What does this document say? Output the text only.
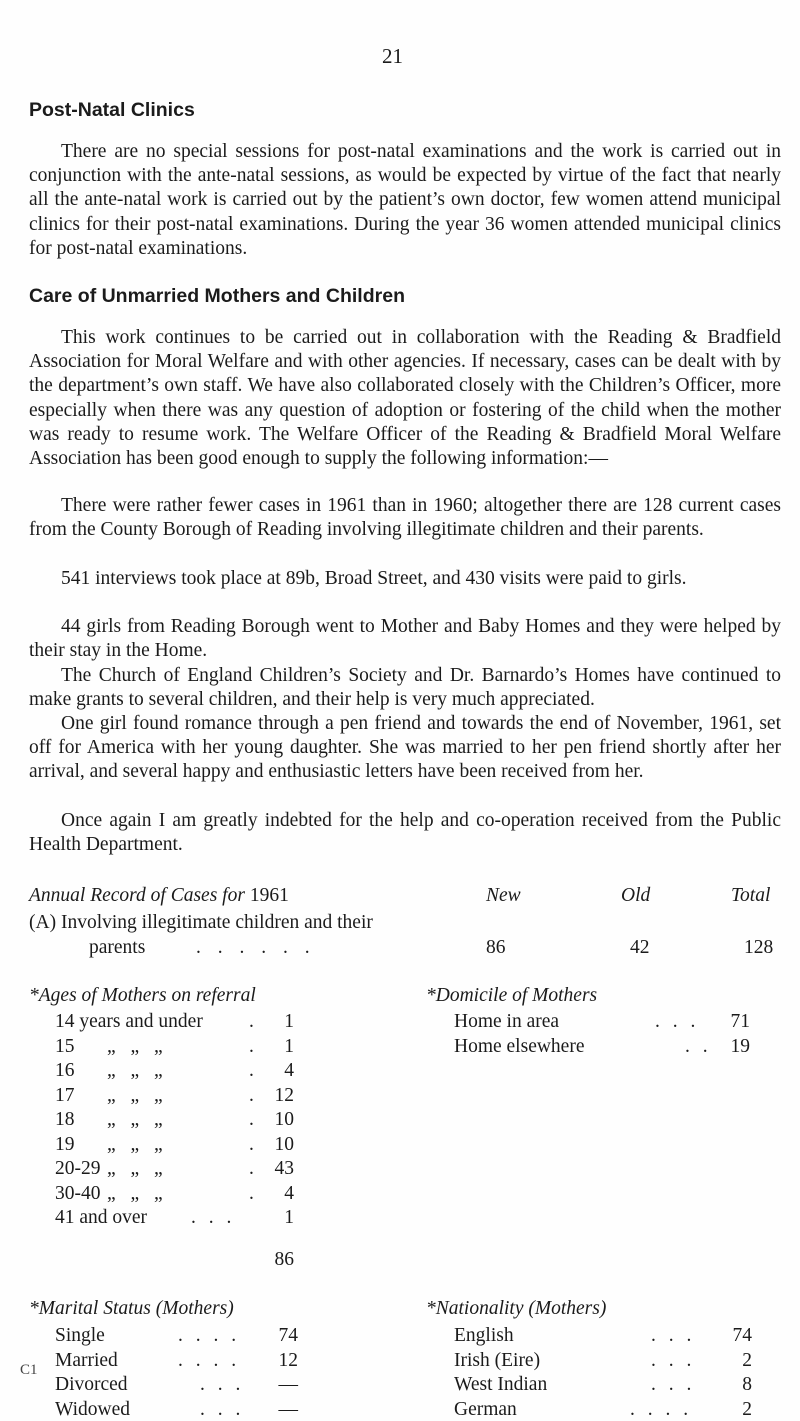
21
Post-Natal Clinics

There are no special sessions for post-natal examinations and the work is carried out in conjunction with the ante-natal sessions, as would be expected by virtue of the fact that nearly all the ante-natal work is carried out by the patient’s own doctor, few women attend municipal clinics for their post-natal examinations. During the year 36 women attended municipal clinics for post-natal examinations.

Care of Unmarried Mothers and Children

This work continues to be carried out in collaboration with the Reading & Bradfield Association for Moral Welfare and with other agencies. If necessary, cases can be dealt with by the department’s own staff. We have also collaborated closely with the Children’s Officer, more especially when there was any question of adoption or fostering of the child when the mother was ready to resume work. The Welfare Officer of the Reading & Bradfield Moral Welfare Association has been good enough to supply the following information:—

There were rather fewer cases in 1961 than in 1960; altogether there are 128 current cases from the County Borough of Reading involving illegitimate children and their parents.

541 interviews took place at 89b, Broad Street, and 430 visits were paid to girls.

44 girls from Reading Borough went to Mother and Baby Homes and they were helped by their stay in the Home.

The Church of England Children’s Society and Dr. Barnardo’s Homes have continued to make grants to several children, and their help is very much appreciated.

One girl found romance through a pen friend and towards the end of November, 1961, set off for America with her young daughter. She was married to her pen friend shortly after her arrival, and several happy and enthusiastic letters have been received from her.

Once again I am greatly indebted for the help and co-operation received from the Public Health Department.

Annual Record of Cases for 1961	New	Old	Total
(A) Involving illegitimate children and their
parents	. . . . . .	86	42	128
*Ages of Mothers on referral
14 years and under .	1
15 „ „ „	.	1
16 „ „ „	.	4
17 „ „ „	.	12
18 „ „ „	.	10
19 „ „ „	.	10
20-29 „ „ „	.	43
30-40 „ „ „	.	4
41 and over . . .	1
86
*Domicile of Mothers
Home in area	. . .	71
Home elsewhere	. .	19
*Marital Status (Mothers)
Single	. . . .	74
Married	. . . .	12
Divorced	. . .	—
Widowed	. . .	—
*Nationality (Mothers)
English	. . .	74
Irish (Eire)	. . .	2
West Indian	. . .	8
German	. . . .	2
C1
